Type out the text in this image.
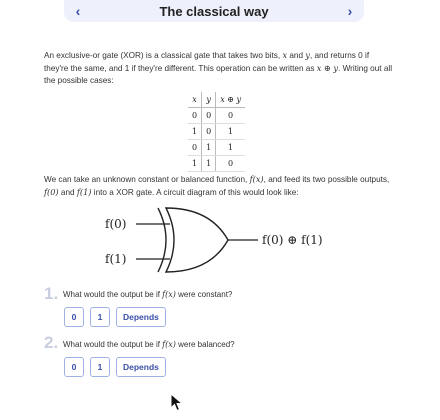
‹	The classical way	›
An exclusive-or gate (XOR) is a classical gate that takes two bits, x and y, and returns 0 if they're the same, and 1 if they're different. This operation can be written as x ⊕ y. Writing out all the possible cases:
x	y	x ⊕ y
0	0	0
1	0	1
0	1	1
1	1	0
We can take an unknown constant or balanced function, f(x), and feed its two possible outputs, f(0) and f(1) into a XOR gate. A circuit diagram of this would look like:
f(0)
f(1)
f(0) ⊕ f(1)
1. What would the output be if f(x) were constant?
0	1	Depends
2. What would the output be if f(x) were balanced?
0	1	Depends
